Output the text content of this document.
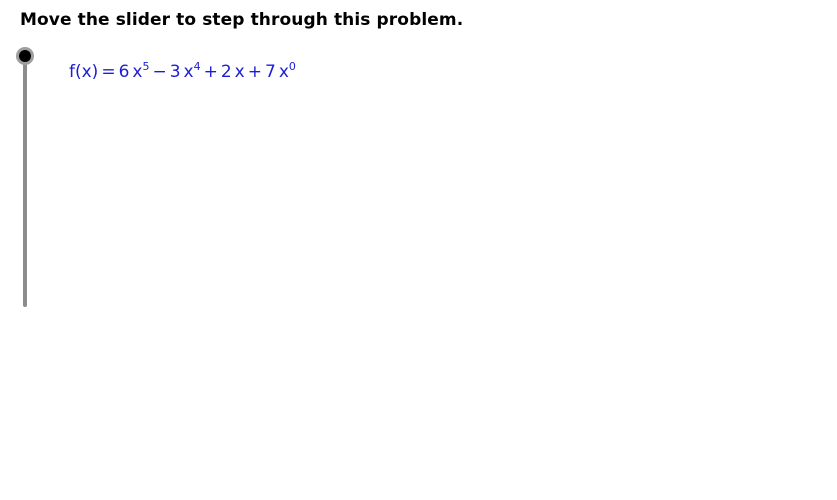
Move the slider to step through this problem.
f(x) = 6 $x^5 - 3$ $x^4 + 2$ x + 7 $x^0$
